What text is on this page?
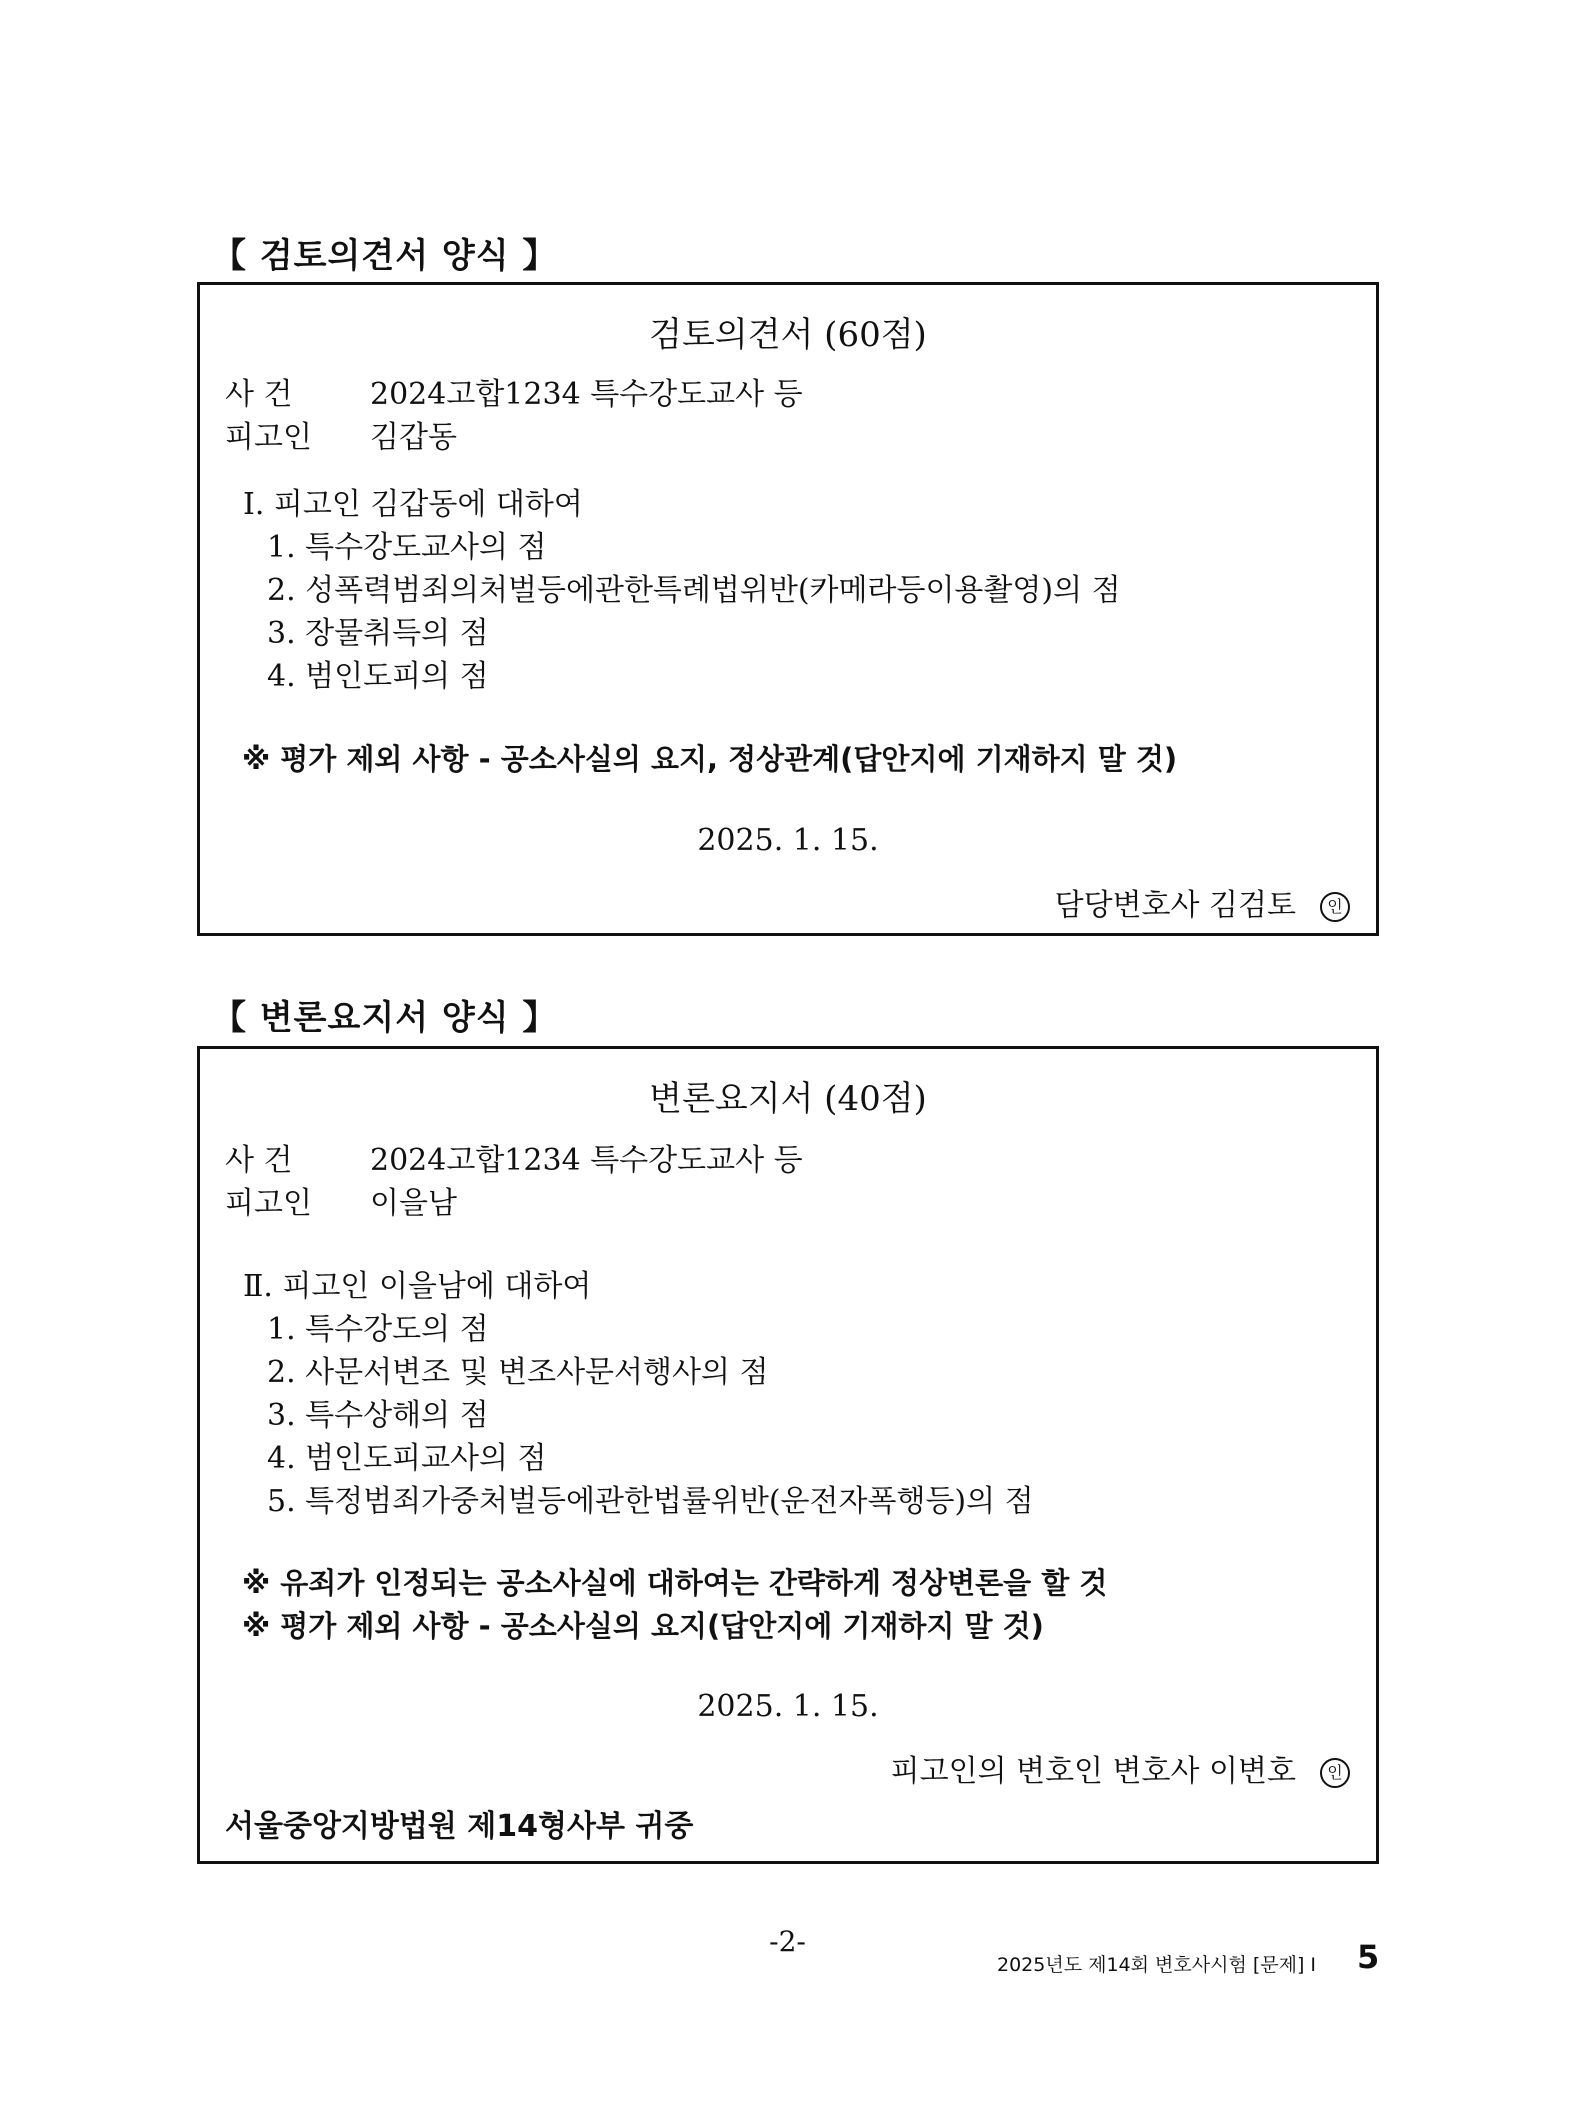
【 검토의견서 양식 】
검토의견서 (60점)
사 건	2024고합1234 특수강도교사 등
피고인 김갑동
Ⅰ. 피고인 김갑동에 대하여
1. 특수강도교사의 점
2. 성폭력범죄의처벌등에관한특례법위반(카메라등이용촬영)의 점
3. 장물취득의 점
4. 범인도피의 점
※ 평가 제외 사항 - 공소사실의 요지, 정상관계(답안지에 기재하지 말 것)
2025. 1. 15.
담당변호사 김검토 인
【 변론요지서 양식 】
변론요지서 (40점)
사 건	2024고합1234 특수강도교사 등
피고인 이을남
Ⅱ. 피고인 이을남에 대하여
1. 특수강도의 점
2. 사문서변조 및 변조사문서행사의 점
3. 특수상해의 점
4. 범인도피교사의 점
5. 특정범죄가중처벌등에관한법률위반(운전자폭행등)의 점
※ 유죄가 인정되는 공소사실에 대하여는 간략하게 정상변론을 할 것
※ 평가 제외 사항 - 공소사실의 요지(답안지에 기재하지 말 것)
2025. 1. 15.
피고인의 변호인 변호사 이변호 인
서울중앙지방법원 제14형사부 귀중
-2-
2025년도 제14회 변호사시험 [문제] Ⅰ 5
